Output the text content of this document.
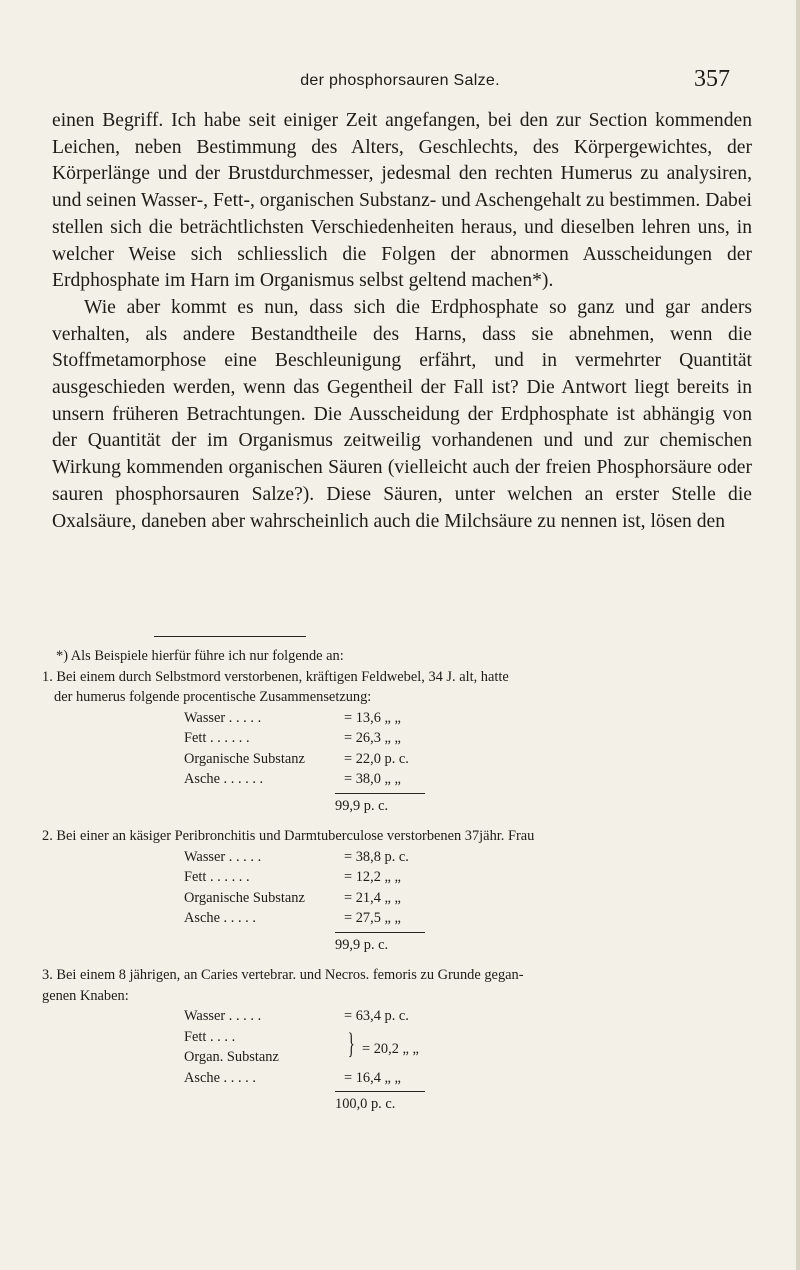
der phosphorsauren Salze.	357

einen Begriff. Ich habe seit einiger Zeit angefangen, bei den zur Section kommenden Leichen, neben Bestimmung des Alters, Geschlechts, des Körpergewichtes, der Körperlänge und der Brustdurchmesser, jedesmal den rechten Humerus zu analysiren, und seinen Wasser-, Fett-, organischen Substanz- und Aschengehalt zu bestimmen. Dabei stellen sich die beträchtlichsten Verschiedenheiten heraus, und dieselben lehren uns, in welcher Weise sich schliesslich die Folgen der abnormen Ausscheidungen der Erdphosphate im Harn im Organismus selbst geltend machen*).

Wie aber kommt es nun, dass sich die Erdphosphate so ganz und gar anders verhalten, als andere Bestandtheile des Harns, dass sie abnehmen, wenn die Stoffmetamorphose eine Beschleunigung erfährt, und in vermehrter Quantität ausgeschieden werden, wenn das Gegentheil der Fall ist? Die Antwort liegt bereits in unsern früheren Betrachtungen. Die Ausscheidung der Erdphosphate ist abhängig von der Quantität der im Organismus zeitweilig vorhandenen und und zur chemischen Wirkung kommenden organischen Säuren (vielleicht auch der freien Phosphorsäure oder sauren phosphorsauren Salze?). Diese Säuren, unter welchen an erster Stelle die Oxalsäure, daneben aber wahrscheinlich auch die Milchsäure zu nennen ist, lösen den

*) Als Beispiele hierfür führe ich nur folgende an:
1. Bei einem durch Selbstmord verstorbenen, kräftigen Feldwebel, 34 J. alt, hatte
der humerus folgende procentische Zusammensetzung:
Wasser . . . . .	= 13,6 „ „
Fett . . . . . .	= 26,3 „ „
Organische Substanz	= 22,0 p. c.
Asche . . . . . .	= 38,0 „ „
99,9 p. c.
2. Bei einer an käsiger Peribronchitis und Darmtuberculose verstorbenen 37jähr. Frau
Wasser . . . . .	= 38,8 p. c.
Fett . . . . . .	= 12,2 „ „
Organische Substanz	= 21,4 „ „
Asche . . . . .	= 27,5 „ „
99,9 p. c.
3. Bei einem 8 jährigen, an Caries vertebrar. und Necros. femoris zu Grunde gegan-
genen Knaben:
Wasser . . . . .	= 63,4 p. c.
Fett . . . .	} = 20,2 „ „
Organ. Substanz	
Asche . . . . .	= 16,4 „ „
100,0 p. c.
